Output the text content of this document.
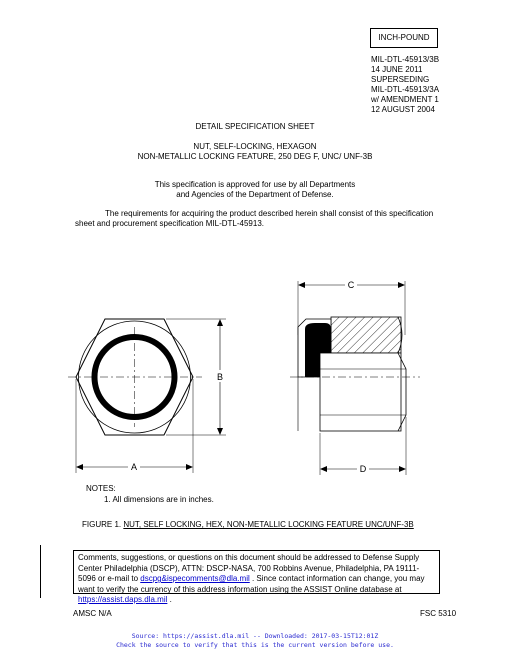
INCH-POUND
MIL-DTL-45913/3B
14 JUNE 2011
SUPERSEDING
MIL-DTL-45913/3A
w/ AMENDMENT 1
12 AUGUST 2004
DETAIL SPECIFICATION SHEET
NUT, SELF-LOCKING, HEXAGON
NON-METALLIC LOCKING FEATURE, 250 DEG F, UNC/ UNF-3B
This specification is approved for use by all Departments
and Agencies of the Department of Defense.
The requirements for acquiring the product described herein shall consist of this specification sheet and procurement specification MIL-DTL-45913.
B
A
C
D
NOTES:
1. All dimensions are in inches.
FIGURE 1. NUT, SELF LOCKING, HEX, NON-METALLIC LOCKING FEATURE UNC/UNF-3B
Comments, suggestions, or questions on this document should be addressed to Defense Supply Center Philadelphia (DSCP), ATTN: DSCP-NASA, 700 Robbins Avenue, Philadelphia, PA 19111-5096 or e-mail to dscpg&ispecomments@dla.mil . Since contact information can change, you may want to verify the currency of this address information using the ASSIST Online database at https://assist.daps.dla.mil .
AMSC N/A	FSC 5310
Source: https://assist.dla.mil -- Downloaded: 2017-03-15T12:01Z
Check the source to verify that this is the current version before use.
